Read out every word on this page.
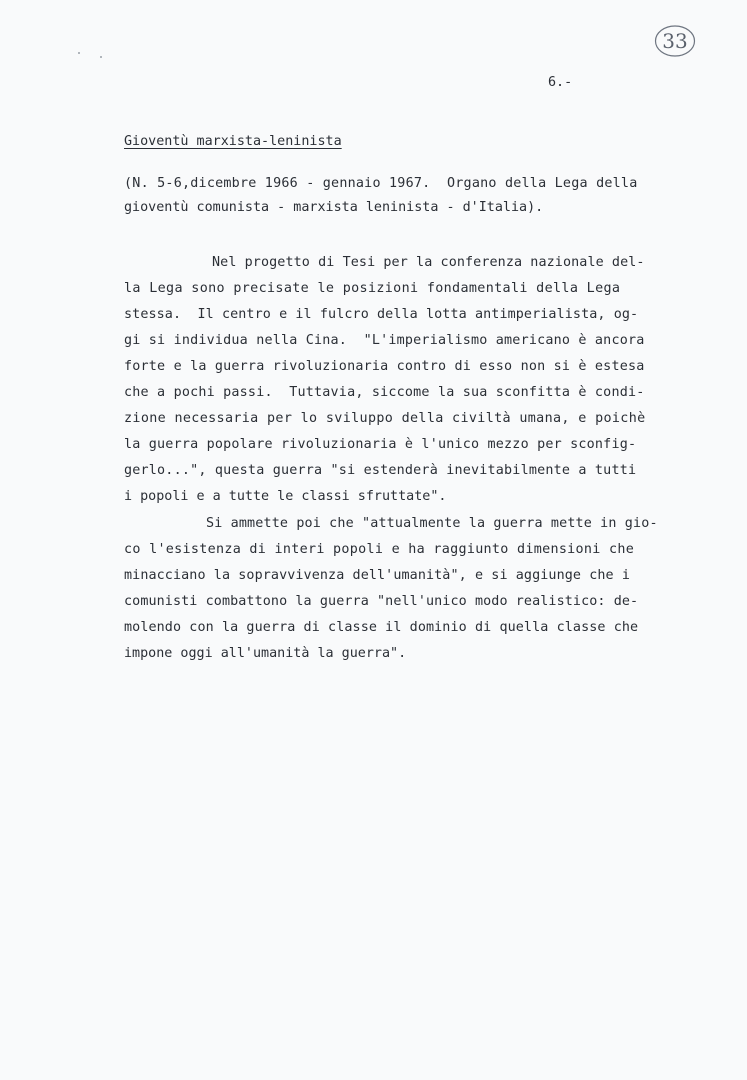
33
6.-
Gioventù marxista-leninista
(N. 5-6,dicembre 1966 - gennaio 1967.  Organo della Lega della
gioventù comunista - marxista leninista - d'Italia).
Nel progetto di Tesi per la conferenza nazionale del-
la Lega sono precisate le posizioni fondamentali della Lega
stessa.  Il centro e il fulcro della lotta antimperialista, og-
gi si individua nella Cina.  "L'imperialismo americano è ancora
forte e la guerra rivoluzionaria contro di esso non si è estesa
che a pochi passi.  Tuttavia, siccome la sua sconfitta è condi-
zione necessaria per lo sviluppo della civiltà umana, e poichè
la guerra popolare rivoluzionaria è l'unico mezzo per sconfig-
gerlo...", questa guerra "si estenderà inevitabilmente a tutti
i popoli e a tutte le classi sfruttate".
Si ammette poi che "attualmente la guerra mette in gio-
co l'esistenza di interi popoli e ha raggiunto dimensioni che
minacciano la sopravvivenza dell'umanità", e si aggiunge che i
comunisti combattono la guerra "nell'unico modo realistico: de-
molendo con la guerra di classe il dominio di quella classe che
impone oggi all'umanità la guerra".
